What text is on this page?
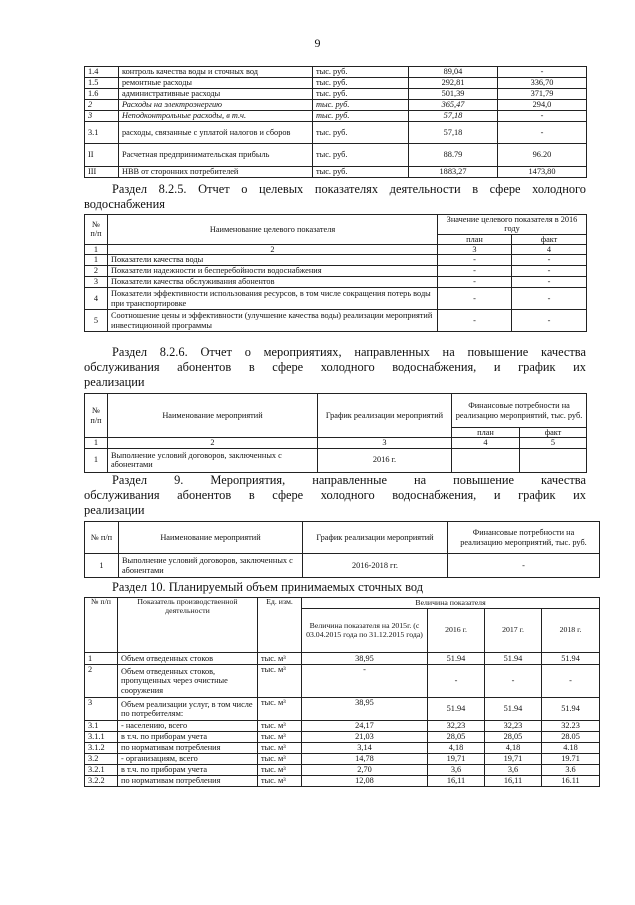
9
1.4	контроль качества воды и сточных вод	тыс. руб.	89,04	-
1.5	ремонтные расходы	тыс. руб.	292,81	336,70
1.6	административные расходы	тыс. руб.	501,39	371,79
2	Расходы на электроэнергию	тыс. руб.	365,47	294,0
3	Неподконтрольные расходы, в т.ч.	тыс. руб.	57,18	-
3.1	расходы, связанные с уплатой налогов и сборов	тыс. руб.	57,18	-
II	Расчетная предпринимательская прибыль	тыс. руб.	88.79	96.20
III	НВВ от сторонних потребителей	тыс. руб.	1883,27	1473,80
Раздел 8.2.5. Отчет о целевых показателях деятельности в сфере холодного
водоснабжения
№ п/п	Наименование целевого показателя	Значение целевого показателя в 2016 году	
		план	факт
1	2	3	4
1	Показатели качества воды	-	-
2	Показатели надежности и бесперебойности водоснабжения	-	-
3	Показатели качества обслуживания абонентов	-	-
4	Показатели эффективности использования ресурсов, в том числе сокращения потерь воды при транспортировке	-	-
5	Соотношение цены и эффективности (улучшение качества воды) реализации мероприятий инвестиционной программы	-	-
Раздел 8.2.6. Отчет о мероприятиях, направленных на повышение качества
обслуживания абонентов в сфере холодного водоснабжения, и график их
реализации
№ п/п	Наименование мероприятий	График реализации мероприятий	Финансовые потребности на реализацию мероприятий, тыс. руб.	
			план	факт
1	2	3	4	5
1	Выполнение условий договоров, заключенных с абонентами	2016 г.		
Раздел 9. Мероприятия, направленные на повышение качества
обслуживания абонентов в сфере холодного водоснабжения, и график их
реализации
№ п/п	Наименование мероприятий	График реализации мероприятий	Финансовые потребности на реализацию мероприятий, тыс. руб.
1	Выполнение условий договоров, заключенных с абонентами	2016-2018 гг.	-
Раздел 10. Планируемый объем принимаемых сточных вод
№ п/п	Показатель производственной деятельности	Ед. изм.	Величина показателя			
			Величина показателя на 2015г. (с 03.04.2015 года по 31.12.2015 года)	2016 г.	2017 г.	2018 г.
1	Объем отведенных стоков	тыс. м³	38,95	51.94	51.94	51.94
2	Объем отведенных стоков, пропущенных через очистные сооружения	тыс. м³	-	-	-	-
3	Объем реализации услуг, в том числе по потребителям:	тыс. м³	38,95	51.94	51.94	51.94
3.1	- населению, всего	тыс. м³	24,17	32,23	32,23	32.23
3.1.1	в т.ч. по приборам учета	тыс. м³	21,03	28,05	28,05	28.05
3.1.2	по нормативам потребления	тыс. м³	3,14	4,18	4,18	4.18
3.2	- организациям, всего	тыс. м³	14,78	19,71	19,71	19.71
3.2.1	в т.ч. по приборам учета	тыс. м³	2,70	3,6	3,6	3.6
3.2.2	по нормативам потребления	тыс. м³	12,08	16,11	16,11	16.11
